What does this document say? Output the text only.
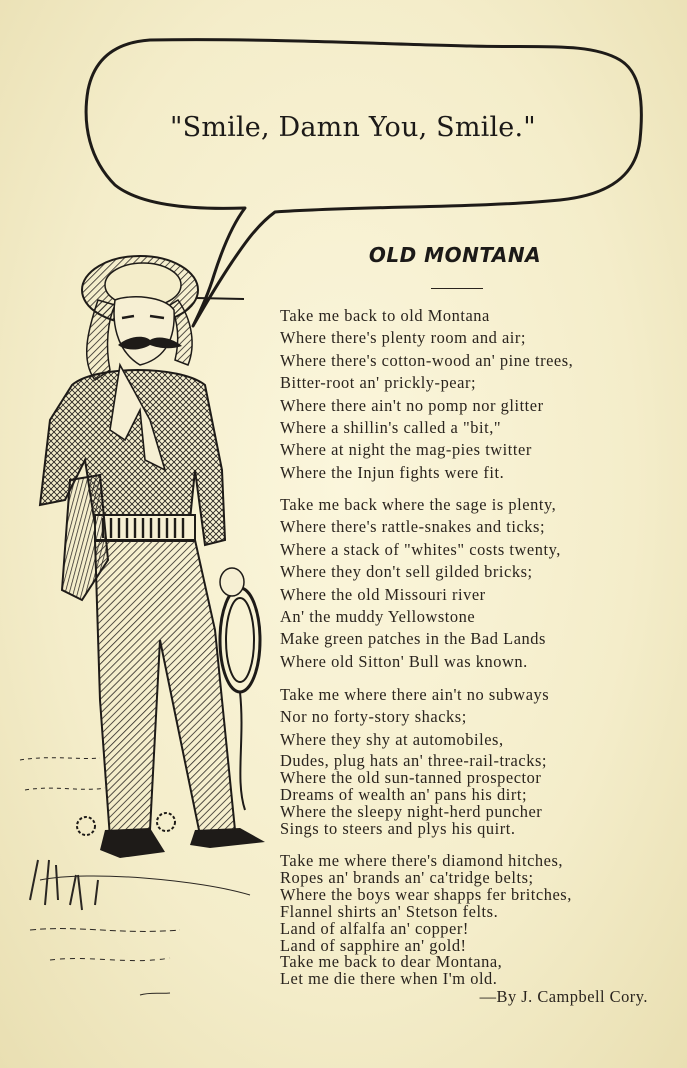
"Smile, Damn You, Smile."
OLD MONTANA
Take me back to old Montana
Where there's plenty room and air;
Where there's cotton-wood an' pine trees,
Bitter-root an' prickly-pear;
Where there ain't no pomp nor glitter
Where a shillin's called a "bit,"
Where at night the mag-pies twitter
Where the Injun fights were fit.
Take me back where the sage is plenty,
Where there's rattle-snakes and ticks;
Where a stack of "whites" costs twenty,
Where they don't sell gilded bricks;
Where the old Missouri river
An' the muddy Yellowstone
Make green patches in the Bad Lands
Where old Sitton' Bull was known.
Take me where there ain't no subways
Nor no forty-story shacks;
Where they shy at automobiles,
Dudes, plug hats an' three-rail-tracks;
Where the old sun-tanned prospector
Dreams of wealth an' pans his dirt;
Where the sleepy night-herd puncher
Sings to steers and plys his quirt.
Take me where there's diamond hitches,
Ropes an' brands an' ca'tridge belts;
Where the boys wear shapps fer britches,
Flannel shirts an' Stetson felts.
Land of alfalfa an' copper!
Land of sapphire an' gold!
Take me back to dear Montana,
Let me die there when I'm old.
—By J. Campbell Cory.
